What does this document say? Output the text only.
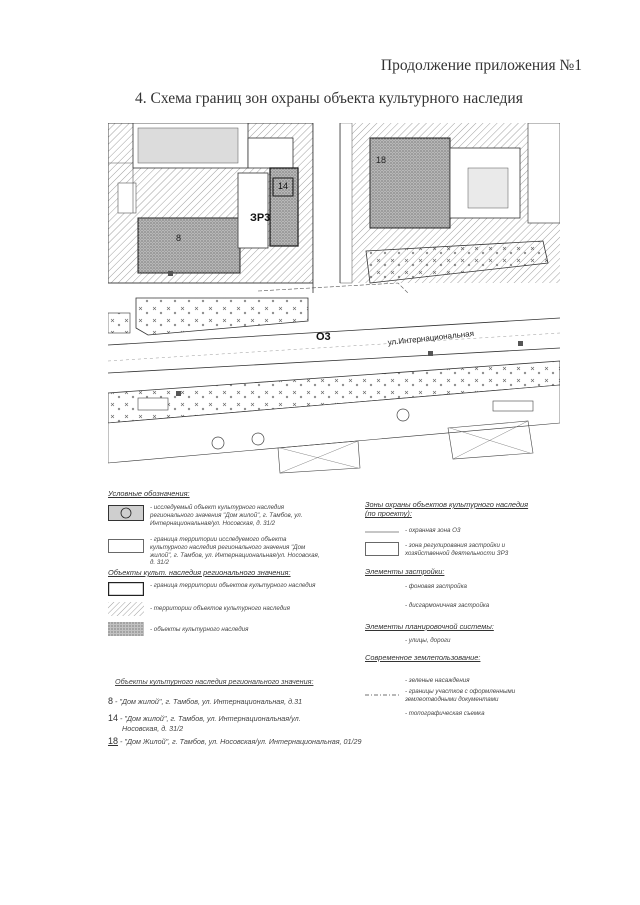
Продолжение приложения №1
4. Схема границ зон охраны объекта культурного наследия
ЗР3
О3
8
14
18
ул.Интернациональная
Условные обозначения:
- исследуемый объект культурного наследия регионального значения "Дом жилой", г. Тамбов, ул. Интернациональная/ул. Носовская, д. 31/2
- граница территории исследуемого объекта культурного наследия регионального значения "Дом жилой", г. Тамбов, ул. Интернациональная/ул. Носовская, д. 31/2
Объекты культ. наследия регионального значения:
- граница территории объектов культурного наследия
- территории объектов культурного наследия
- объекты культурного наследия
Зоны охраны объектов культурного наследия (по проекту):
- охранная зона О3
- зона регулирования застройки и хозяйственной деятельности ЗР3
Элементы застройки:
- фоновая застройка
- дисгармоничная застройка
Элементы планировочной системы:
- улицы, дороги
Современное землепользование:
- зеленые насаждения
- границы участков с оформленными землеотводными документами
- топографическая съемка
Объекты культурного наследия регионального значения:
8 - "Дом жилой", г. Тамбов, ул. Интернациональная, д.31
14 - "Дом жилой", г. Тамбов, ул. Интернациональная/ул.
Носовская, д. 31/2
18 - "Дом Жилой", г. Тамбов, ул. Носовская/ул. Интернациональная, 01/29
